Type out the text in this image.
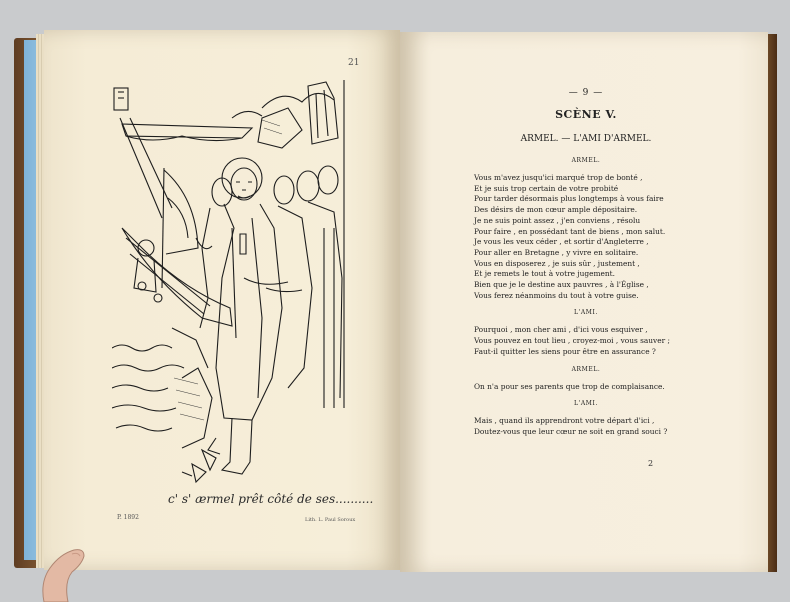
21
c' s' ærmel prêt côté de ses..........
P. 1892	Lith. L. Paul Soroux
— 9 —
SCÈNE V.
ARMEL. — L'AMI D'ARMEL.
ARMEL.
Vous m'avez jusqu'ici marqué trop de bonté ,
Et je suis trop certain de votre probité
Pour tarder désormais plus longtemps à vous faire
Des désirs de mon cœur ample dépositaire.
Je ne suis point assez , j'en conviens , résolu
Pour faire , en possédant tant de biens , mon salut.
Je vous les veux céder , et sortir d'Angleterre ,
Pour aller en Bretagne , y vivre en solitaire.
Vous en disposerez , je suis sûr , justement ,
Et je remets le tout à votre jugement.
Bien que je le destine aux pauvres , à l'Église ,
Vous ferez néanmoins du tout à votre guise.
L'AMI.
Pourquoi , mon cher ami , d'ici vous esquiver ,
Vous pouvez en tout lieu , croyez-moi , vous sauver ;
Faut-il quitter les siens pour être en assurance ?
ARMEL.
On n'a pour ses parents que trop de complaisance.
L'AMI.
Mais , quand ils apprendront votre départ d'ici ,
Doutez-vous que leur cœur ne soit en grand souci ?
2
